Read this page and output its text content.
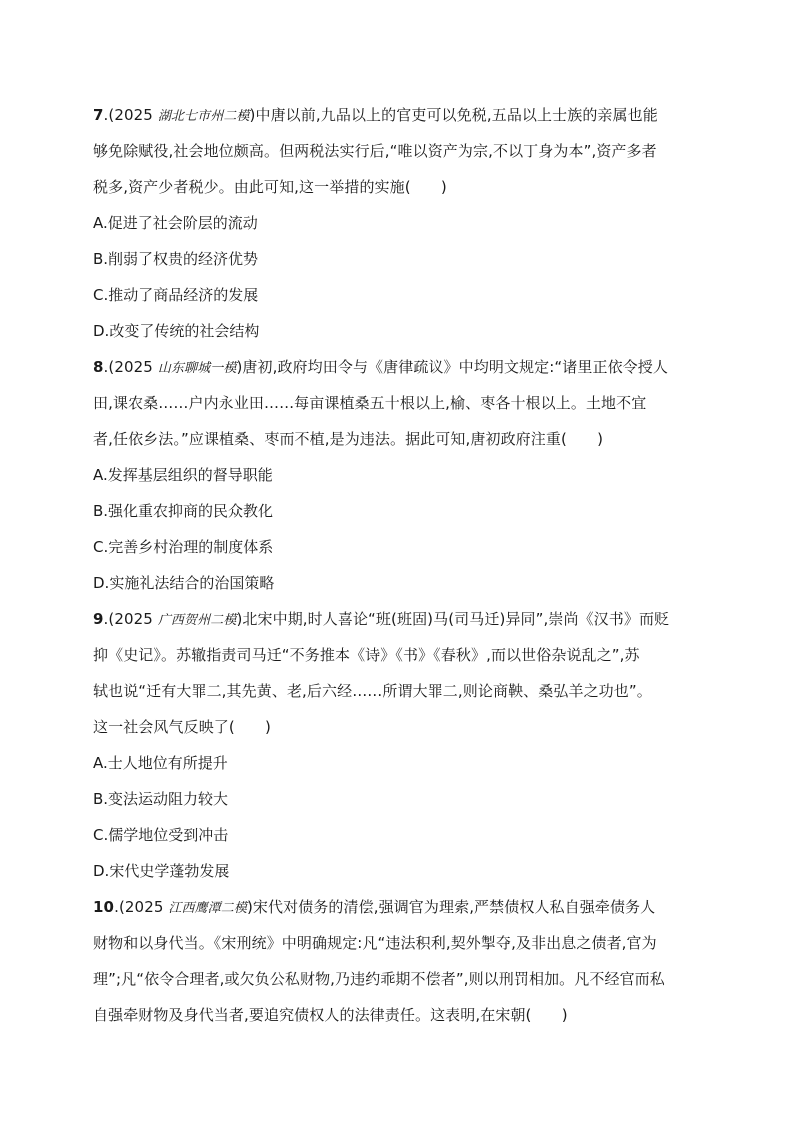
7.(2025 湖北七市州二模)中唐以前,九品以上的官吏可以免税,五品以上士族的亲属也能
够免除赋役,社会地位颇高。但两税法实行后,“唯以资产为宗,不以丁身为本”,资产多者
税多,资产少者税少。由此可知,这一举措的实施(　　)
A.促进了社会阶层的流动
B.削弱了权贵的经济优势
C.推动了商品经济的发展
D.改变了传统的社会结构
8.(2025 山东聊城一模)唐初,政府均田令与《唐律疏议》中均明文规定:“诸里正依令授人
田,课农桑……户内永业田……每亩课植桑五十根以上,榆、枣各十根以上。土地不宜
者,任依乡法。”应课植桑、枣而不植,是为违法。据此可知,唐初政府注重(　　)
A.发挥基层组织的督导职能
B.强化重农抑商的民众教化
C.完善乡村治理的制度体系
D.实施礼法结合的治国策略
9.(2025 广西贺州二模)北宋中期,时人喜论“班(班固)马(司马迁)异同”,崇尚《汉书》而贬
抑《史记》。苏辙指责司马迁“不务推本《诗》《书》《春秋》,而以世俗杂说乱之”,苏
轼也说“迁有大罪二,其先黄、老,后六经……所谓大罪二,则论商鞅、桑弘羊之功也”。
这一社会风气反映了(　　)
A.士人地位有所提升
B.变法运动阻力较大
C.儒学地位受到冲击
D.宋代史学蓬勃发展
10.(2025 江西鹰潭二模)宋代对债务的清偿,强调官为理索,严禁债权人私自强牵债务人
财物和以身代当。《宋刑统》中明确规定:凡“违法积利,契外掣夺,及非出息之债者,官为
理”;凡“依令合理者,或欠负公私财物,乃违约乖期不偿者”,则以刑罚相加。凡不经官而私
自强牵财物及身代当者,要追究债权人的法律责任。这表明,在宋朝(　　)
